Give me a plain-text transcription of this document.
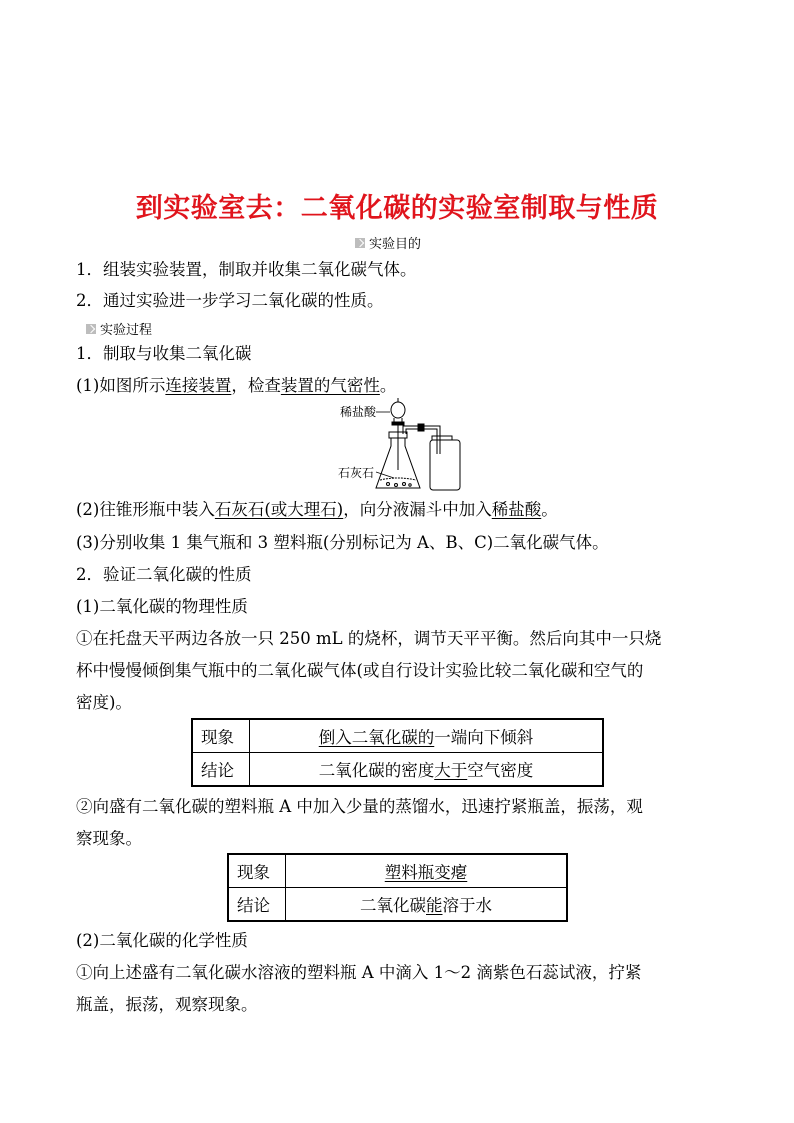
到实验室去：二氧化碳的实验室制取与性质
实验目的
1．组装实验装置，制取并收集二氧化碳气体。
2．通过实验进一步学习二氧化碳的性质。
实验过程
1．制取与收集二氧化碳
(1)如图所示连接装置，检查装置的气密性。
稀盐酸
石灰石
(2)往锥形瓶中装入石灰石(或大理石)，向分液漏斗中加入稀盐酸。
(3)分别收集 1 集气瓶和 3 塑料瓶(分别标记为 A、B、C)二氧化碳气体。
2．验证二氧化碳的性质
(1)二氧化碳的物理性质
①在托盘天平两边各放一只 250 mL 的烧杯，调节天平平衡。然后向其中一只烧
杯中慢慢倾倒集气瓶中的二氧化碳气体(或自行设计实验比较二氧化碳和空气的
密度)。
现象	倒入二氧化碳的一端向下倾斜
结论	二氧化碳的密度大于空气密度
②向盛有二氧化碳的塑料瓶 A 中加入少量的蒸馏水，迅速拧紧瓶盖，振荡，观
察现象。
现象	塑料瓶变瘪
结论	二氧化碳能溶于水
(2)二氧化碳的化学性质
①向上述盛有二氧化碳水溶液的塑料瓶 A 中滴入 1～2 滴紫色石蕊试液，拧紧
瓶盖，振荡，观察现象。
